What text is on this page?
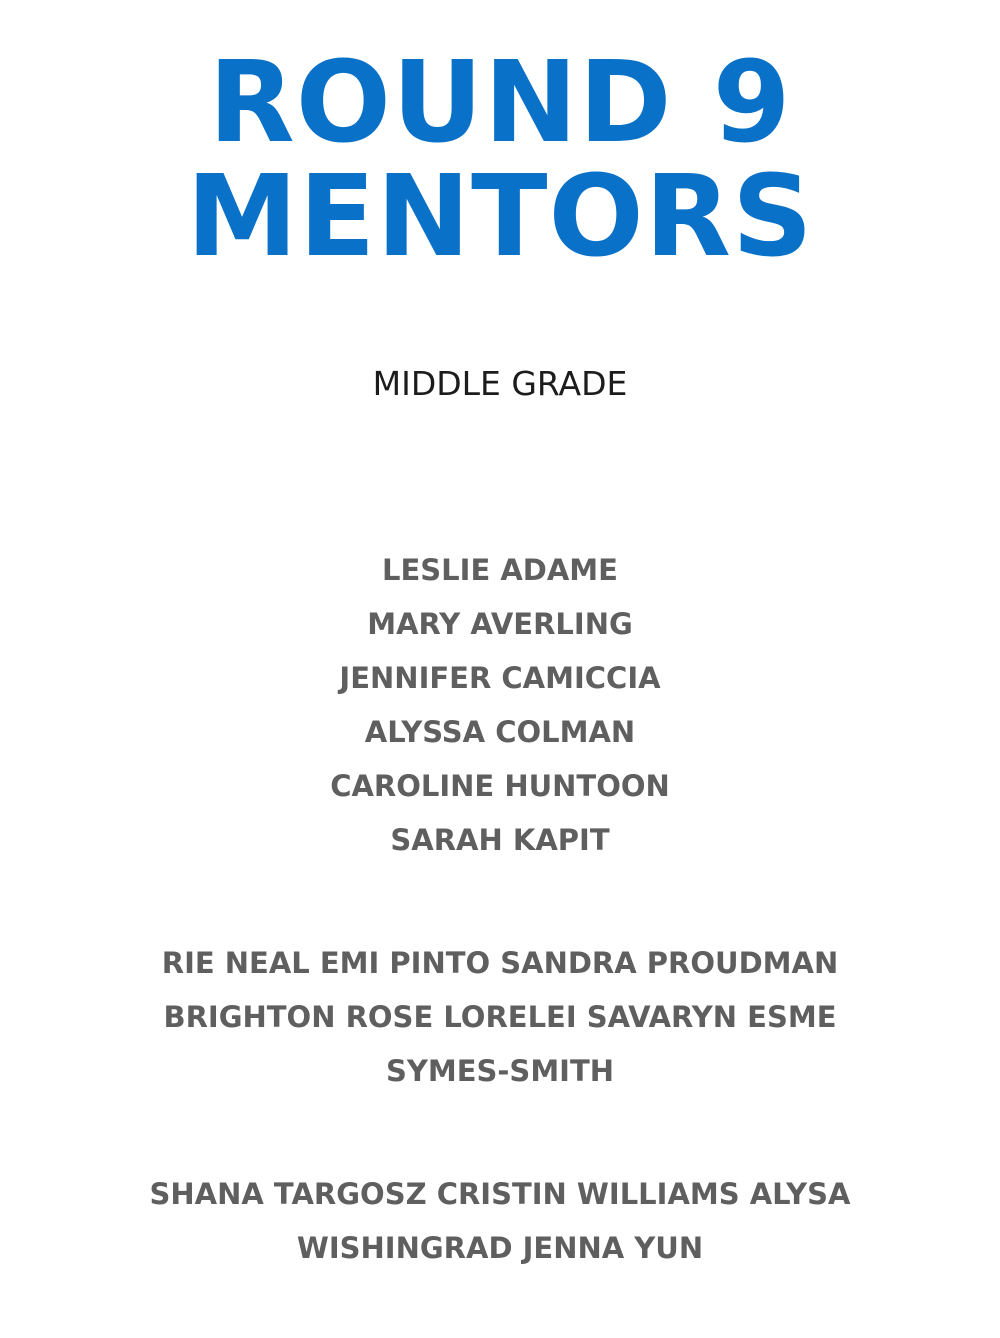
ROUND 9
MENTORS
MIDDLE GRADE
LESLIE ADAME
MARY AVERLING
JENNIFER CAMICCIA
ALYSSA COLMAN
CAROLINE HUNTOON
SARAH KAPIT
RIE NEAL EMI PINTO SANDRA PROUDMAN
BRIGHTON ROSE LORELEI SAVARYN ESME
SYMES-SMITH
SHANA TARGOSZ CRISTIN WILLIAMS ALYSA
WISHINGRAD JENNA YUN
